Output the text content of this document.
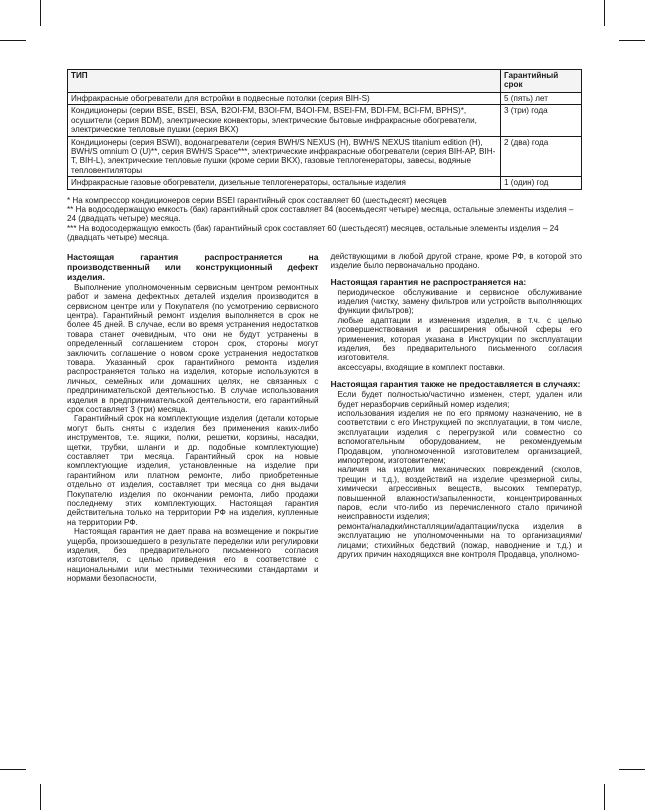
ТИП	Гарантийный срок
Инфракрасные обогреватели для встройки в подвесные потолки (серия BIH-S)	5 (пять) лет
Кондиционеры (серии BSE, BSEI, BSA, B2OI-FM, B3OI-FM, B4OI-FM, BSEI-FM, BDI-FM, BCI-FM, BPHS)*, осушители (серия BDM), электрические конвекторы, электрические бытовые инфракрасные обогреватели, электрические тепловые пушки (серия BKX)	3 (три) года
Кондиционеры (серия BSWI), водонагреватели (серия BWH/S NEXUS (H), BWH/S NEXUS titanium edition (H), BWH/S omnium O (U)**, серия BWH/S Space***, электрические инфракрасные обогреватели (серия BIH-AP, BIH-T, BIH-L), электрические тепловые пушки (кроме серии BKX), газовые теплогенераторы, завесы, водяные тепловентиляторы	2 (два) года
Инфракрасные газовые обогреватели, дизельные теплогенераторы, остальные изделия	1 (один) год

* На компрессор кондиционеров серии BSEI гарантийный срок составляет 60 (шестьдесят) месяцев

** На водосодержащую емкость (бак) гарантийный срок составляет 84 (восемьдесят четыре) месяца, остальные элементы изделия – 24 (двадцать четыре) месяца.

*** На водосодержащую емкость (бак) гарантийный срок составляет 60 (шестьдесят) месяцев, остальные элементы изделия – 24 (двадцать четыре) месяца.

Настоящая гарантия распространяется на производственный или конструкционный дефект изделия.

Выполнение уполномоченным сервисным центром ремонтных работ и замена дефектных деталей изделия производится в сервисном центре или у Покупателя (по усмотрению сервисного центра). Гарантийный ремонт изделия выполняется в срок не более 45 дней. В случае, если во время устранения недостатков товара станет очевидным, что они не будут устранены в определенный соглашением сторон срок, стороны могут заключить соглашение о новом сроке устранения недостатков товара. Указанный срок гарантийного ремонта изделия распространяется только на изделия, которые используются в личных, семейных или домашних целях, не связанных с предпринимательской деятельностью. В случае использования изделия в предпринимательской деятельности, его гарантийный срок составляет 3 (три) месяца.

Гарантийный срок на комплектующие изделия (детали которые могут быть сняты с изделия без применения каких-либо инструментов, т.е. ящики, полки, решетки, корзины, насадки, щетки, трубки, шланги и др. подобные комплектующие) составляет три месяца. Гарантийный срок на новые комплектующие изделия, установленные на изделие при гарантийном или платном ремонте, либо приобретенные отдельно от изделия, составляет три месяца со дня выдачи Покупателю изделия по окончании ремонта, либо продажи последнему этих комплектующих. Настоящая гарантия действительна только на территории РФ на изделия, купленные на территории РФ.

Настоящая гарантия не дает права на возмещение и покрытие ущерба, произошедшего в результате переделки или регулировки изделия, без предварительного письменного согласия изготовителя, с целью приведения его в соответствие с национальными или местными техническими стандартами и нормами безопасности,

действующими в любой другой стране, кроме РФ, в которой это изделие было первоначально продано.

Настоящая гарантия не распространяется на:
периодическое обслуживание и сервисное обслуживание изделия (чистку, замену фильтров или устройств выполняющих функции фильтров);
любые адаптации и изменения изделия, в т.ч. с целью усовершенствования и расширения обычной сферы его применения, которая указана в Инструкции по эксплуатации изделия, без предварительного письменного согласия изготовителя.
аксессуары, входящие в комплект поставки.
Настоящая гарантия также не предоставляется в случаях:
Если будет полностью/частично изменен, стерт, удален или будет неразборчив серийный номер изделия;
использования изделия не по его прямому назначению, не в соответствии с его Инструкцией по эксплуатации, в том числе, эксплуатации изделия с перегрузкой или совместно со вспомогательным оборудованием, не рекомендуемым Продавцом, уполномоченной изготовителем организацией, импортером, изготовителем;
наличия на изделии механических повреждений (сколов, трещин и т.д.), воздействий на изделие чрезмерной силы, химически агрессивных веществ, высоких температур, повышенной влажности/запыленности, концентрированных паров, если что-либо из перечисленного стало причиной неисправности изделия;
ремонта/наладки/инсталляции/адаптации/пуска изделия в эксплуатацию не уполномоченными на то организациями/лицами; стихийных бедствий (пожар, наводнение и т.д.) и других причин находящихся вне контроля Продавца, уполномо-
